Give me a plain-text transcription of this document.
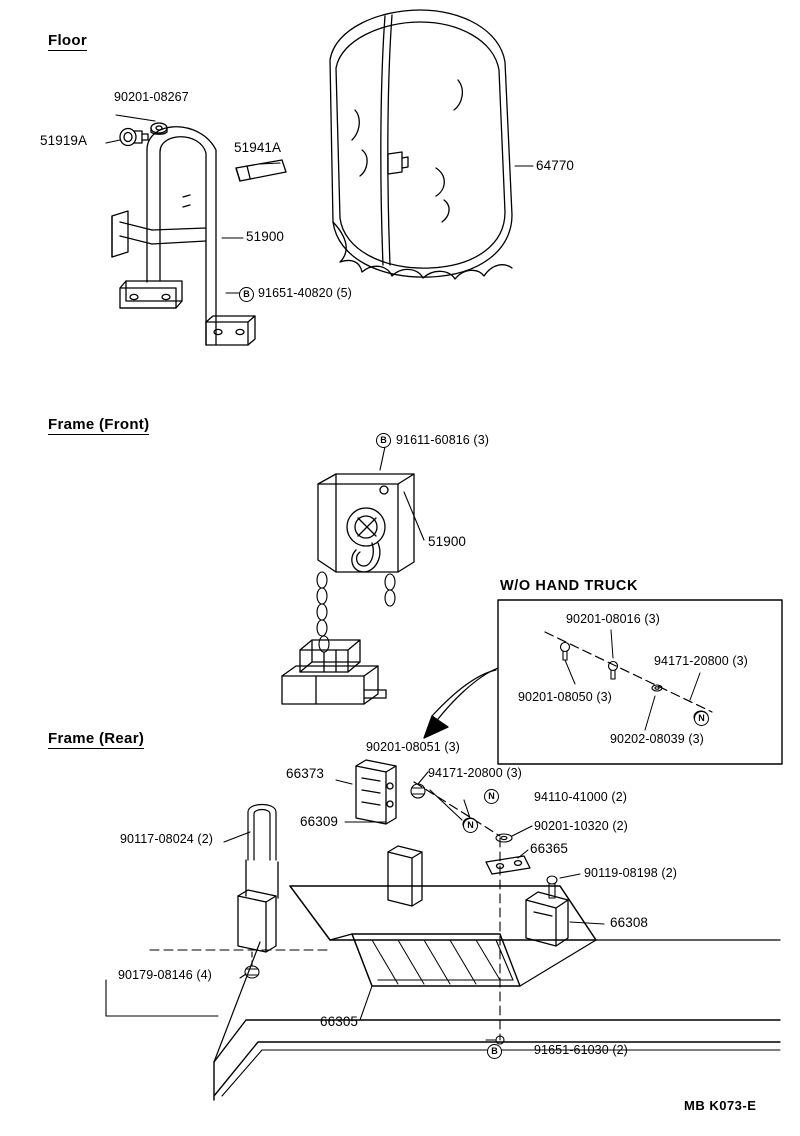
B
B
N
N
N
B
Floor
Frame (Front)
Frame (Rear)
W/O HAND TRUCK
90201-08267
51919A	51941A
51900
91651-40820 (5)
64770
91611-60816 (3)
51900
90201-08016 (3)
94171-20800 (3)
90201-08050 (3)
90202-08039 (3)
90201-08051 (3)
94171-20800 (3)
66373
66309
94110-41000 (2)
90201-10320 (2)
66365
90119-08198 (2)
66308
90117-08024 (2)
90179-08146 (4)
66305
91651-61030 (2)
MB K073-E
